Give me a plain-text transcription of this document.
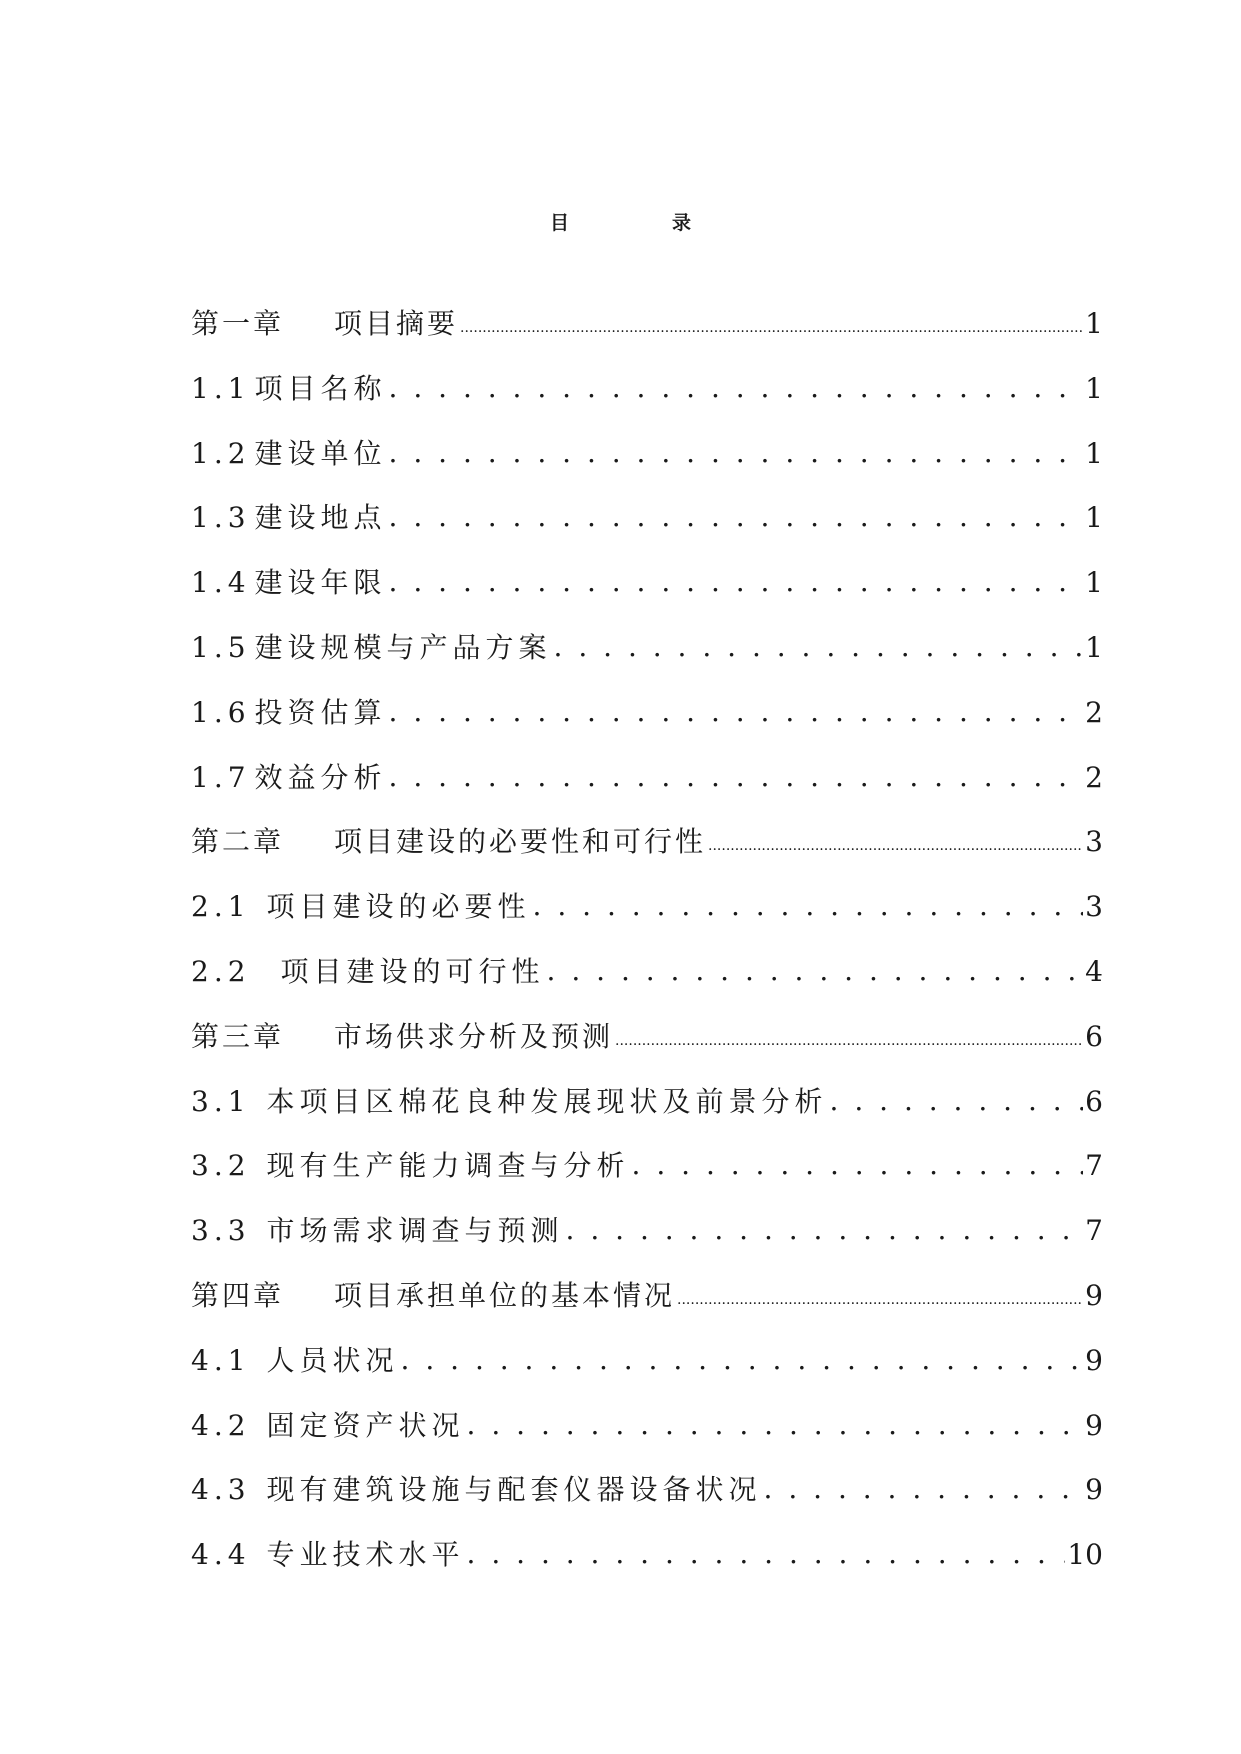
目　录
第一章 项目摘要 .....	1
1.1 项目名称 . . .	1
1.2 建设单位 . . .	1
1.3 建设地点 . . .	1
1.4 建设年限 . . .	1
1.5 建设规模与产品方案 . . .	1
1.6 投资估算 . . .	2
1.7 效益分析 . . .	2
第二章 项目建设的必要性和可行性 .....	3
2.1 项目建设的必要性 . . .	3
2.2 项目建设的可行性 . . .	4
第三章 市场供求分析及预测 .....	6
3.1 本项目区棉花良种发展现状及前景分析 . . .	6
3.2 现有生产能力调查与分析 . . .	7
3.3 市场需求调查与预测 . . .	7
第四章 项目承担单位的基本情况 .....	9
4.1 人员状况 . . .	9
4.2 固定资产状况 . . .	9
4.3 现有建筑设施与配套仪器设备状况 . . .	9
4.4 专业技术水平 . . .	10
